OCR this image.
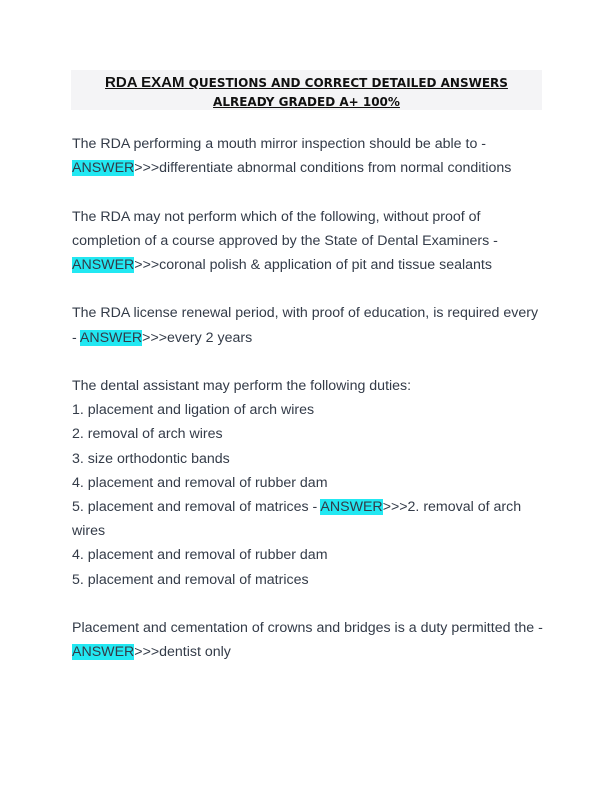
RDA EXAM QUESTIONS AND CORRECT DETAILED ANSWERS
ALREADY GRADED A+ 100%
The RDA performing a mouth mirror inspection should be able to -
ANSWER>>>differentiate abnormal conditions from normal conditions
The RDA may not perform which of the following, without proof of
completion of a course approved by the State of Dental Examiners -
ANSWER>>>coronal polish & application of pit and tissue sealants
The RDA license renewal period, with proof of education, is required every
- ANSWER>>>every 2 years
The dental assistant may perform the following duties:
1. placement and ligation of arch wires
2. removal of arch wires
3. size orthodontic bands
4. placement and removal of rubber dam
5. placement and removal of matrices - ANSWER>>>2. removal of arch
wires
4. placement and removal of rubber dam
5. placement and removal of matrices
Placement and cementation of crowns and bridges is a duty permitted the -
ANSWER>>>dentist only
